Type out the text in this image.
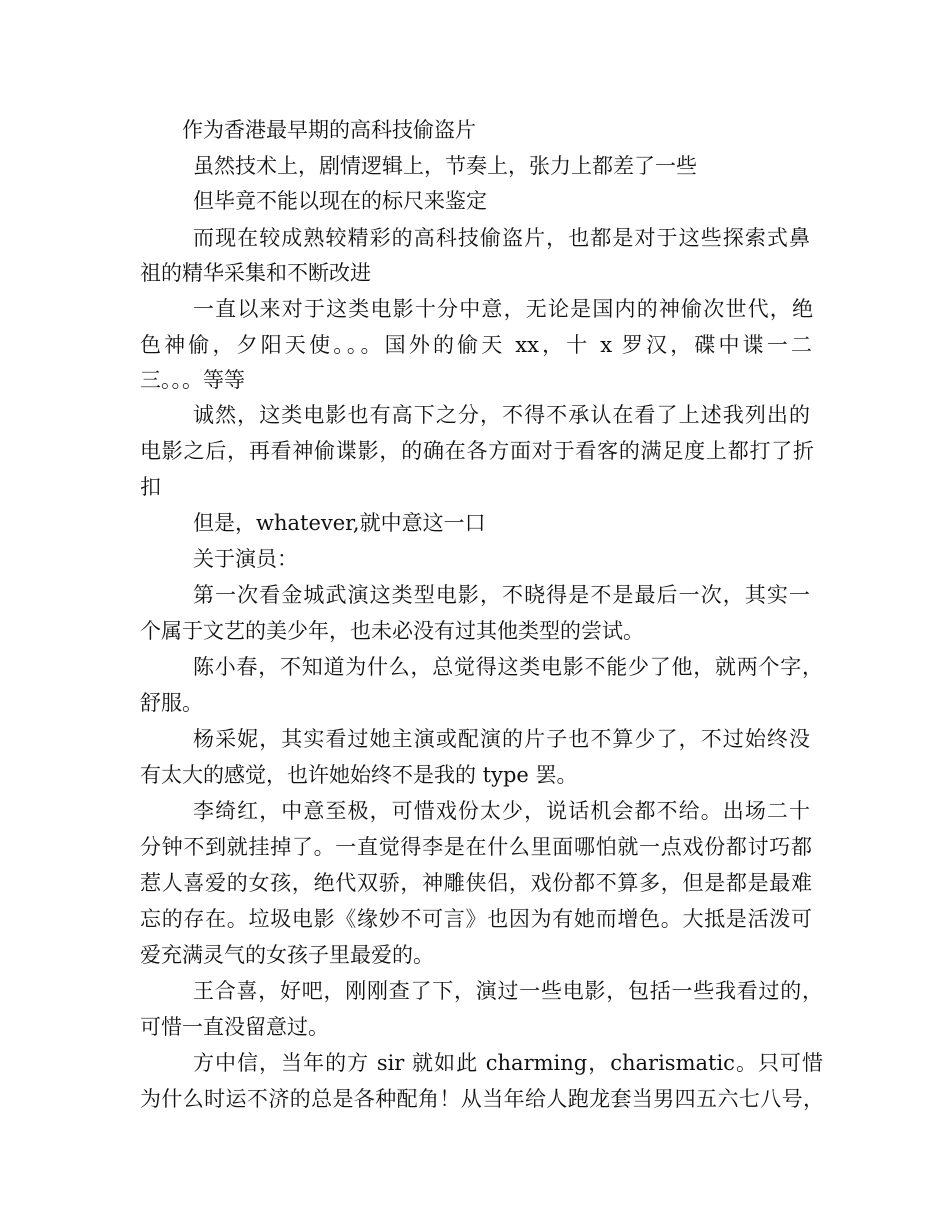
作为香港最早期的高科技偷盗片
虽然技术上，剧情逻辑上，节奏上，张力上都差了一些
但毕竟不能以现在的标尺来鉴定
而现在较成熟较精彩的高科技偷盗片，也都是对于这些探索式鼻
祖的精华采集和不断改进
一直以来对于这类电影十分中意，无论是国内的神偷次世代，绝
色神偷，夕阳天使。。。国外的偷天 xx，十 x 罗汉，碟中谍一二
三。。。等等
诚然，这类电影也有高下之分，不得不承认在看了上述我列出的
电影之后，再看神偷谍影，的确在各方面对于看客的满足度上都打了折
扣
但是，whatever,就中意这一口
关于演员：
第一次看金城武演这类型电影，不晓得是不是最后一次，其实一
个属于文艺的美少年，也未必没有过其他类型的尝试。
陈小春，不知道为什么，总觉得这类电影不能少了他，就两个字，
舒服。
杨采妮，其实看过她主演或配演的片子也不算少了，不过始终没
有太大的感觉，也许她始终不是我的 type 罢。
李绮红，中意至极，可惜戏份太少，说话机会都不给。出场二十
分钟不到就挂掉了。一直觉得李是在什么里面哪怕就一点戏份都讨巧都
惹人喜爱的女孩，绝代双骄，神雕侠侣，戏份都不算多，但是都是最难
忘的存在。垃圾电影《缘妙不可言》也因为有她而增色。大抵是活泼可
爱充满灵气的女孩子里最爱的。
王合喜，好吧，刚刚查了下，演过一些电影，包括一些我看过的，
可惜一直没留意过。
方中信，当年的方 sir 就如此 charming，charismatic。只可惜
为什么时运不济的总是各种配角！从当年给人跑龙套当男四五六七八号，
